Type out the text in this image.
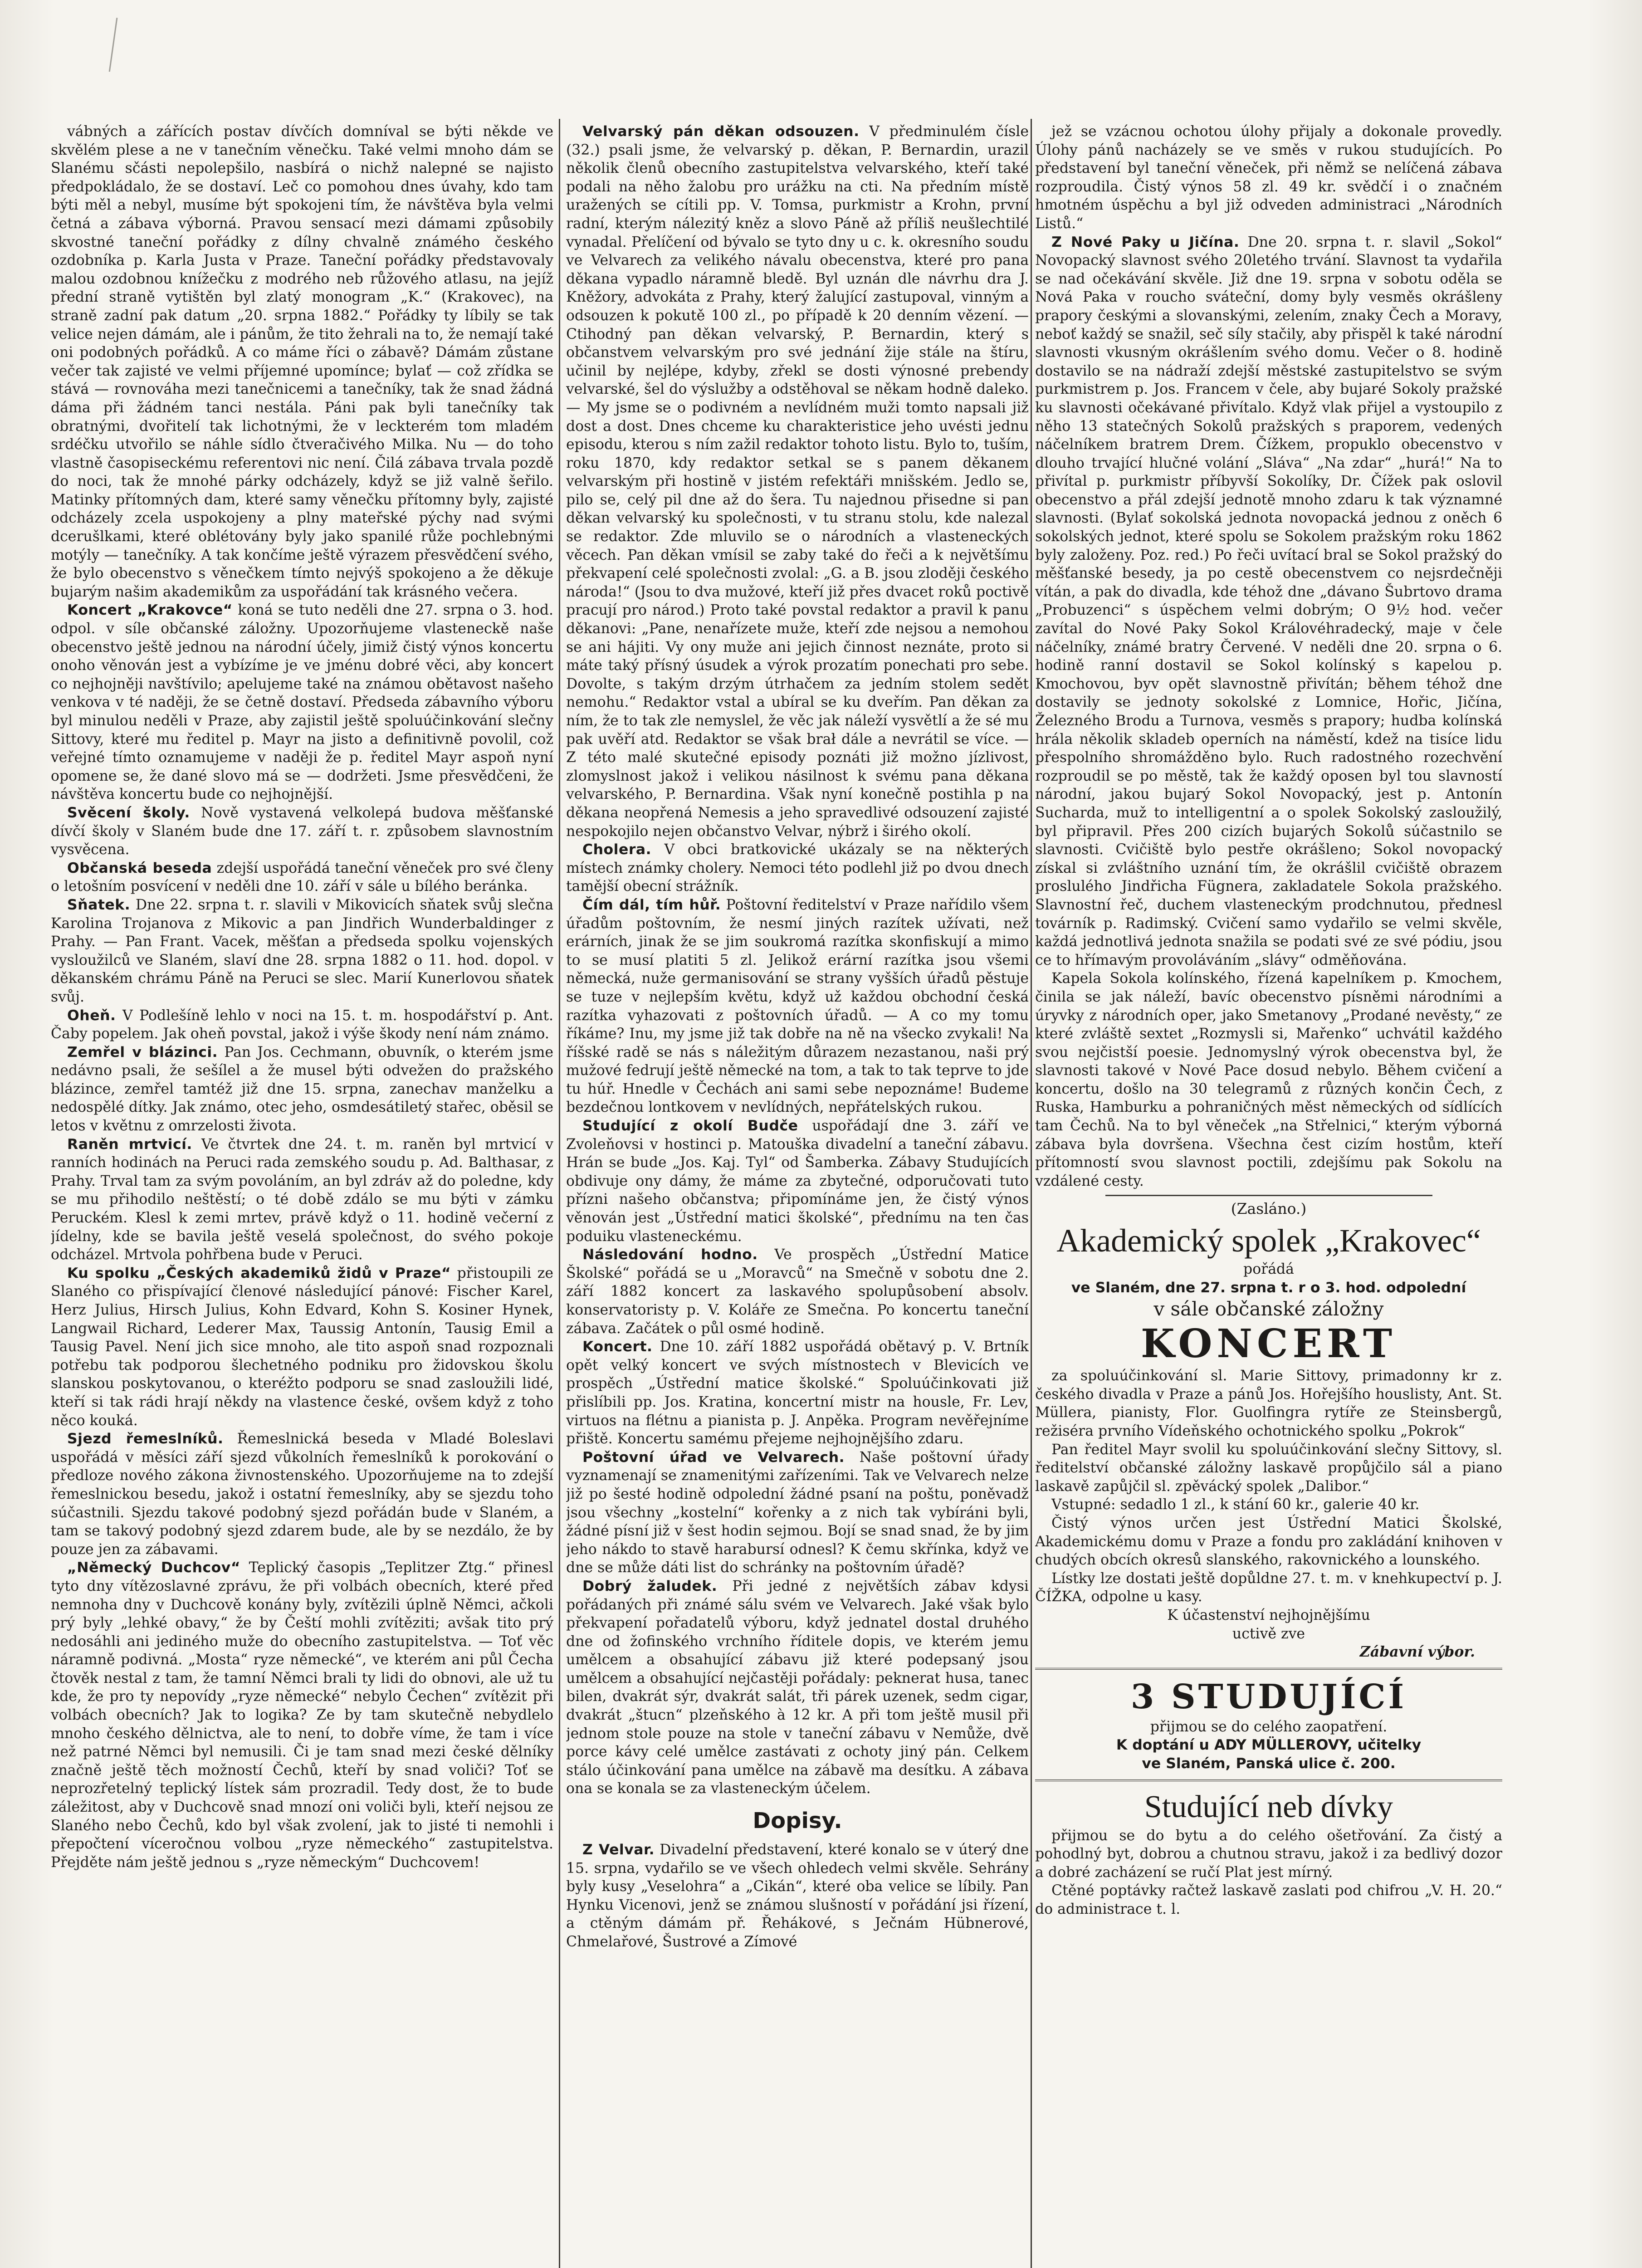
vábných a zářících postav dívčích domníval se býti někde ve skvělém plese a ne v tanečním věnečku. Také velmi mnoho dám se Slanému sčásti nepolepšilo, nasbírá o nichž nalepné se najisto předpokládalo, že se dostaví. Leč co pomohou dnes úvahy, kdo tam býti měl a nebyl, musíme být spokojeni tím, že návštěva byla velmi četná a zábava výborná. Pravou sensací mezi dámami způsobily skvostné taneční pořádky z dílny chvalně známého českého ozdobníka p. Karla Justa v Praze. Taneční pořádky představovaly malou ozdobnou knížečku z modrého neb růžového atlasu, na jejíž přední straně vytištěn byl zlatý monogram „K.“ (Krakovec), na straně zadní pak datum „20. srpna 1882.“ Pořádky ty líbily se tak velice nejen dámám, ale i pánům, že tito žehrali na to, že nemají také oni podobných pořádků. A co máme říci o zábavě? Dámám zůstane večer tak zajisté ve velmi příjemné upomínce; bylať — což zřídka se stává — rovnováha mezi tanečnicemi a tanečníky, tak že snad žádná dáma při žádném tanci nestála. Páni pak byli tanečníky tak obratnými, dvořitelí tak lichotnými, že v leckterém tom mladém srdéčku utvořilo se náhle sídlo čtveračivého Milka. Nu — do toho vlastně časopiseckému referentovi nic není. Čilá zábava trvala pozdě do noci, tak že mnohé párky odcházely, když se již valně šeřilo. Matinky přítomných dam, které samy věnečku přítomny byly, zajisté odcházely zcela uspokojeny a plny mateřské pýchy nad svými dcerušlkami, které oblétovány byly jako spanilé růže pochlebnými motýly — tanečníky. A tak končíme ještě výrazem přesvědčení svého, že bylo obecenstvo s věnečkem tímto nejvýš spokojeno a že děkuje bujarým našim akademikům za uspořádání tak krásného večera.

Koncert „Krakovce“ koná se tuto neděli dne 27. srpna o 3. hod. odpol. v síle občanské záložny. Upozorňujeme vlasteneckě naše obecenstvo ještě jednou na národní účely, jimiž čistý výnos koncertu onoho věnován jest a vybízíme je ve jménu dobré věci, aby koncert co nejhojněji navštívilo; apelujeme také na známou obětavost našeho venkova v té naději, že se četně dostaví. Předseda zábavního výboru byl minulou neděli v Praze, aby zajistil ještě spoluúčinkování slečny Sittovy, které mu ředitel p. Mayr na jisto a definitivně povolil, což veřejné tímto oznamujeme v naději že p. ředitel Mayr aspoň nyní opomene se, že dané slovo má se — dodržeti. Jsme přesvědčeni, že návštěva koncertu bude co nejhojnější.

Svěcení školy. Nově vystavená velkolepá budova měšťanské dívčí školy v Slaném bude dne 17. září t. r. způsobem slavnostním vysvěcena.

Občanská beseda zdejší uspořádá taneční věneček pro své členy o letošním posvícení v neděli dne 10. září v sále u bílého beránka.

Sňatek. Dne 22. srpna t. r. slavili v Mikovicích sňatek svůj slečna Karolina Trojanova z Mikovic a pan Jindřich Wunderbaldinger z Prahy. — Pan Frant. Vacek, měšťan a předseda spolku vojenských vysloužilců ve Slaném, slaví dne 28. srpna 1882 o 11. hod. dopol. v děkanském chrámu Páně na Peruci se slec. Marií Kunerlovou sňatek svůj.

Oheň. V Podlešíně lehlo v noci na 15. t. m. hospodářství p. Ant. Čaby popelem. Jak oheň povstal, jakož i výše škody není nám známo.

Zemřel v blázinci. Pan Jos. Cechmann, obuvník, o kterém jsme nedávno psali, že sešílel a že musel býti odvežen do pražského blázince, zemřel tamtéž již dne 15. srpna, zanechav manželku a nedospělé dítky. Jak známo, otec jeho, osmdesátiletý stařec, oběsil se letos v květnu z omrzelosti života.

Raněn mrtvicí. Ve čtvrtek dne 24. t. m. raněn byl mrtvicí v ranních hodinách na Peruci rada zemského soudu p. Ad. Balthasar, z Prahy. Trval tam za svým povoláním, an byl zdráv až do poledne, kdy se mu přihodilo neštěstí; o té době zdálo se mu býti v zámku Peruckém. Klesl k zemi mrtev, právě když o 11. hodině večerní z jídelny, kde se bavila ještě veselá společnost, do svého pokoje odcházel. Mrtvola pohřbena bude v Peruci.

Ku spolku „Českých akademiků židů v Praze“ přistoupili ze Slaného co přispívající členové následující pánové: Fischer Karel, Herz Julius, Hirsch Julius, Kohn Edvard, Kohn S. Kosiner Hynek, Langwail Richard, Lederer Max, Taussig Antonín, Tausig Emil a Tausig Pavel. Není jich sice mnoho, ale tito aspoň snad rozpoznali potřebu tak podporou šlechetného podniku pro židovskou školu slanskou poskytovanou, o kteréžto podporu se snad zasloužili lidé, kteří si tak rádi hrají někdy na vlastence české, ovšem když z toho něco kouká.

Sjezd řemeslníků. Řemeslnická beseda v Mladé Boleslavi uspořádá v měsíci září sjezd vůkolních řemeslníků k porokování o předloze nového zákona živnostenského. Upozorňujeme na to zdejší řemeslnickou besedu, jakož i ostatní řemeslníky, aby se sjezdu toho súčastnili. Sjezdu takové podobný sjezd pořádán bude v Slaném, a tam se takový podobný sjezd zdarem bude, ale by se nezdálo, že by pouze jen za zábavami.

„Německý Duchcov“ Teplický časopis „Teplitzer Ztg.“ přinesl tyto dny vítězoslavné zprávu, že při volbách obecních, které před nemnoha dny v Duchcově konány byly, zvítězili úplně Němci, ačkoli prý byly „lehké obavy,“ že by Čeští mohli zvítěziti; avšak tito prý nedosáhli ani jediného muže do obecního zastupitelstva. — Toť věc náramně podivná. „Mosta“ ryze německé“, ve kterém ani půl Čecha čtověk nestal z tam, že tamní Němci brali ty lidi do obnovi, ale už tu kde, že pro ty nepovídy „ryze německé“ nebylo Čechen“ zvítězit při volbách obecních? Jak to logika? Ze by tam skutečně nebydlelo mnoho českého dělnictva, ale to není, to dobře víme, že tam i více než patrné Němci byl nemusili. Či je tam snad mezi české dělníky značně ještě těch možností Čechů, kteří by snad voliči? Toť se neprozřetelný teplický lístek sám prozradil. Tedy dost, že to bude záležitost, aby v Duchcově snad mnozí oni voliči byli, kteří nejsou ze Slaného nebo Čechů, kdo byl však zvolení, jak to jisté ti nemohli i přepočtení víceročnou volbou „ryze německého“ zastupitelstva. Přejděte nám ještě jednou s „ryze německým“ Duchcovem!

Velvarský pán děkan odsouzen. V předminulém čísle (32.) psali jsme, že velvarský p. děkan, P. Bernardin, urazil několik členů obecního zastupitelstva velvarského, kteří také podali na něho žalobu pro urážku na cti. Na předním místě uražených se cítili pp. V. Tomsa, purkmistr a Krohn, první radní, kterým nálezitý kněz a slovo Páně až příliš neušlechtilé vynadal. Přelíčení od bývalo se tyto dny u c. k. okresního soudu ve Velvarech za velikého návalu obecenstva, které pro pana děkana vypadlo náramně bledě. Byl uznán dle návrhu dra J. Kněžory, advokáta z Prahy, který žalující zastupoval, vinným a odsouzen k pokutě 100 zl., po případě k 20 denním vězení. — Ctihodný pan děkan velvarský, P. Bernardin, který s občanstvem velvarským pro své jednání žije stále na štíru, učinil by nejlépe, kdyby, zřekl se dosti výnosné prebendy velvarské, šel do výslužby a odstěhoval se někam hodně daleko. — My jsme se o podivném a nevlídném muži tomto napsali již dost a dost. Dnes chceme ku charakteristice jeho uvésti jednu episodu, kterou s ním zažil redaktor tohoto listu. Bylo to, tuším, roku 1870, kdy redaktor setkal se s panem děkanem velvarským při hostině v jistém refektáři mnišském. Jedlo se, pilo se, celý pil dne až do šera. Tu najednou přisedne si pan děkan velvarský ku společnosti, v tu stranu stolu, kde nalezal se redaktor. Zde mluvilo se o národních a vlasteneckých věcech. Pan děkan vmísil se zaby také do řeči a k největšímu překvapení celé společnosti zvolal: „G. a B. jsou zloději českého národa!“ (Jsou to dva mužové, kteří již přes dvacet roků poctivě pracují pro národ.) Proto také povstal redaktor a pravil k panu děkanovi: „Pane, nenařízete muže, kteří zde nejsou a nemohou se ani hájiti. Vy ony muže ani jejich činnost neznáte, proto si máte taký přísný úsudek a výrok prozatím ponechati pro sebe. Dovolte, s takým drzým útrhačem za jedním stolem sedět nemohu.“ Redaktor vstal a ubíral se ku dveřím. Pan děkan za ním, že to tak zle nemyslel, že věc jak náleží vysvětlí a že sé mu pak uvěří atd. Redaktor se však brał dále a nevrátil se více. — Z této malé skutečné episody poznáti již možno jízlivost, zlomyslnost jakož i velikou násilnost k svému pana děkana velvarského, P. Bernardina. Však nyní konečně postihla p na děkana neopřená Nemesis a jeho spravedlivé odsouzení zajisté nespokojilo nejen občanstvo Velvar, nýbrž i širého okolí.

Cholera. V obci bratkovické ukázaly se na některých místech známky cholery. Nemoci této podlehl již po dvou dnech tamější obecní strážník.

Čím dál, tím hůř. Poštovní ředitelství v Praze nařídilo všem úřadům poštovním, že nesmí jiných razítek užívati, než erárních, jinak že se jim soukromá razítka skonfiskují a mimo to se musí platiti 5 zl. Jelikož erární razítka jsou všemi německá, nuže germanisování se strany vyšších úřadů pěstuje se tuze v nejlepším květu, když už každou obchodní česká razítka vyhazovati z poštovních úřadů. — A co my tomu říkáme? Inu, my jsme již tak dobře na ně na všecko zvykali! Na říšské radě se nás s náležitým důrazem nezastanou, naši prý mužové fedrují ještě německé na tom, a tak to tak teprve to jde tu húř. Hnedle v Čechách ani sami sebe nepoznáme! Budeme bezdečnou lontkovem v nevlídných, nepřátelských rukou.

Studující z okolí Budče uspořádají dne 3. září ve Zvoleňovsi v hostinci p. Matouška divadelní a taneční zábavu. Hrán se bude „Jos. Kaj. Tyl“ od Šamberka. Zábavy Studujících obdivuje ony dámy, že máme za zbytečné, odporučovati tuto přízni našeho občanstva; připomínáme jen, že čistý výnos věnován jest „Ústřední matici školské“, přednímu na ten čas poduiku vlasteneckému.

Následování hodno. Ve prospěch „Ústřední Matice Školské“ pořádá se u „Moravců“ na Smečně v sobotu dne 2. září 1882 koncert za laskavého spolupůsobení absolv. konservatoristy p. V. Koláře ze Smečna. Po koncertu taneční zábava. Začátek o půl osmé hodině.

Koncert. Dne 10. září 1882 uspořádá obětavý p. V. Brtník opět velký koncert ve svých místnostech v Blevicích ve prospěch „Ústřední matice školské.“ Spoluúčinkovati již přislíbili pp. Jos. Kratina, koncertní mistr na housle, Fr. Lev, virtuos na flétnu a pianista p. J. Anpěka. Program nevěřejníme přiště. Koncertu samému přejeme nejhojnějšího zdaru.

Poštovní úřad ve Velvarech. Naše poštovní úřady vyznamenají se znamenitými zařízeními. Tak ve Velvarech nelze již po šesté hodině odpolední žádné psaní na poštu, poněvadž jsou všechny „kostelní“ kořenky a z nich tak vybíráni byli, žádné písní již v šest hodin sejmou. Bojí se snad snad, že by jim jeho nákdo to stavě harabursí odnesl? K čemu skřínka, když ve dne se může dáti list do schránky na poštovním úřadě?

Dobrý žaludek. Při jedné z největších zábav kdysi pořádaných při známé sálu svém ve Velvarech. Jaké však bylo překvapení pořadatelů výboru, když jednatel dostal druhého dne od žofinského vrchního říditele dopis, ve kterém jemu umělcem a obsahující zábavu již které podepsaný jsou umělcem a obsahující nejčastěji pořádaly: peknerat husa, tanec bilen, dvakrát sýr, dvakrát salát, tři párek uzenek, sedm cigar, dvakrát „štucn“ plzeňského à 12 kr. A při tom ještě musil při jednom stole pouze na stole v taneční zábavu v Nemůže, dvě porce kávy celé umělce zastávati z ochoty jiný pán. Celkem stálo účinkování pana umělce na zábavě ma desítku. A zábava ona se konala se za vlasteneckým účelem.

Dopisy.

Z Velvar. Divadelní představení, které konalo se v úterý dne 15. srpna, vydařilo se ve všech ohledech velmi skvěle. Sehrány byly kusy „Veselohra“ a „Cikán“, které oba velice se líbily. Pan Hynku Vicenovi, jenž se známou slušností v pořádání jsi řízení, a ctěným dámám př. Řehákové, s Ječnám Hübnerové, Chmelařové, Šustrové a Zímové

jež se vzácnou ochotou úlohy přijaly a dokonale provedly. Úlohy pánů nacházely se ve směs v rukou studujících. Po představení byl taneční věneček, při němž se nelíčená zábava rozproudila. Čistý výnos 58 zl. 49 kr. svědčí i o značném hmotném úspěchu a byl již odveden administraci „Národních Listů.“

Z Nové Paky u Jičína. Dne 20. srpna t. r. slavil „Sokol“ Novopacký slavnost svého 20letého trvání. Slavnost ta vydařila se nad očekávání skvěle. Již dne 19. srpna v sobotu oděla se Nová Paka v roucho sváteční, domy byly vesměs okrášleny prapory českými a slovanskými, zelením, znaky Čech a Moravy, neboť každý se snažil, seč síly stačily, aby přispěl k také národní slavnosti vkusným okrášlením svého domu. Večer o 8. hodině dostavilo se na nádraží zdejší městské zastupitelstvo se svým purkmistrem p. Jos. Francem v čele, aby bujaré Sokoly pražské ku slavnosti očekávané přivítalo. Když vlak přijel a vystoupilo z něho 13 statečných Sokolů pražských s praporem, vedených náčelníkem bratrem Drem. Čížkem, propuklo obecenstvo v dlouho trvající hlučné volání „Sláva“ „Na zdar“ „hurá!“ Na to přivítal p. purkmistr příbyvší Sokolíky, Dr. Čížek pak oslovil obecenstvo a přál zdejší jednotě mnoho zdaru k tak významné slavnosti. (Bylať sokolská jednota novopacká jednou z oněch 6 sokolských jednot, které spolu se Sokolem pražským roku 1862 byly založeny. Poz. red.) Po řeči uvítací bral se Sokol pražský do měšťanské besedy, ja po cestě obecenstvem co nejsrdečněji vítán, a pak do divadla, kde téhož dne „dávano Šubrtovo drama „Probuzenci“ s úspěchem velmi dobrým; O 9½ hod. večer zavítal do Nové Paky Sokol Královéhradecký, maje v čele náčelníky, známé bratry Červené. V neděli dne 20. srpna o 6. hodině ranní dostavil se Sokol kolínský s kapelou p. Kmochovou, byv opět slavnostně přivítán; během téhož dne dostavily se jednoty sokolské z Lomnice, Hořic, Jičína, Železného Brodu a Turnova, vesměs s prapory; hudba kolínská hrála několik skladeb operních na náměstí, kdež na tisíce lidu přespolního shromážděno bylo. Ruch radostného rozechvění rozproudil se po městě, tak že každý oposen byl tou slavností národní, jakou bujarý Sokol Novopacký, jest p. Antonín Sucharda, muž to intelligentní a o spolek Sokolský zasloužilý, byl připravil. Přes 200 cizích bujarých Sokolů súčastnilo se slavnosti. Cvičiště bylo pestře okrášleno; Sokol novopacký získal si zvláštního uznání tím, že okrášlil cvičiště obrazem proslulého Jindřicha Fügnera, zakladatele Sokola pražského. Slavnostní řeč, duchem vlasteneckým prodchnutou, přednesl továrník p. Radimský. Cvičení samo vydařilo se velmi skvěle, každá jednotlivá jednota snažila se podati své ze své pódiu, jsou ce to hřímavým provoláváním „slávy“ odměňována.

Kapela Sokola kolínského, řízená kapelníkem p. Kmochem, činila se jak náleží, bavíc obecenstvo písněmi národními a úryvky z národních oper, jako Smetanovy „Prodané nevěsty,“ ze které zvláště sextet „Rozmysli si, Mařenko“ uchvátil každého svou nejčistší poesie. Jednomyslný výrok obecenstva byl, že slavnosti takové v Nové Pace dosud nebylo. Během cvičení a koncertu, došlo na 30 telegramů z různých končin Čech, z Ruska, Hamburku a pohraničných měst německých od sídlících tam Čechů. Na to byl věneček „na Střelnici,“ kterým výborná zábava byla dovršena. Všechna čest cizím hostům, kteří přítomností svou slavnost poctili, zdejšímu pak Sokolu na vzdálené cesty.

(Zasláno.)
Akademický spolek „Krakovec“
pořádá
ve Slaném, dne 27. srpna t. r o 3. hod. odpolední
v sále občanské záložny
KONCERT

za spoluúčinkování sl. Marie Sittovy, primadonny kr z. českého divadla v Praze a pánů Jos. Hořejšího houslisty, Ant. St. Müllera, pianisty, Flor. Guolfingra rytíře ze Steinsbergů, režiséra prvního Vídeňského ochotnického spolku „Pokrok“

Pan ředitel Mayr svolil ku spoluúčinkování slečny Sittovy, sl. ředitelství občanské záložny laskavě propůjčilo sál a piano laskavě zapůjčil sl. zpěvácký spolek „Dalibor.“

Vstupné: sedadlo 1 zl., k stání 60 kr., galerie 40 kr.

Čistý výnos určen jest Ústřední Matici Školské, Akademickému domu v Praze a fondu pro zakládání knihoven v chudých obcích okresů slanského, rakovnického a lounského.

Lístky lze dostati ještě dopůldne 27. t. m. v knehkupectví p. J. ČÍŽKA, odpolne u kasy.

K účastenství nejhojnějšímu
uctivě zve
Zábavní výbor.
3 STUDUJÍCÍ
přijmou se do celého zaopatření.
K doptání u ADY MÜLLEROVY, učitelky
ve Slaném, Panská ulice č. 200.
Studující neb dívky

přijmou se do bytu a do celého ošetřování. Za čistý a pohodlný byt, dobrou a chutnou stravu, jakož i za bedlivý dozor a dobré zacházení se ručí Plat jest mírný.

Ctěné poptávky račtež laskavě zaslati pod chifrou „V. H. 20.“ do administrace t. l.
